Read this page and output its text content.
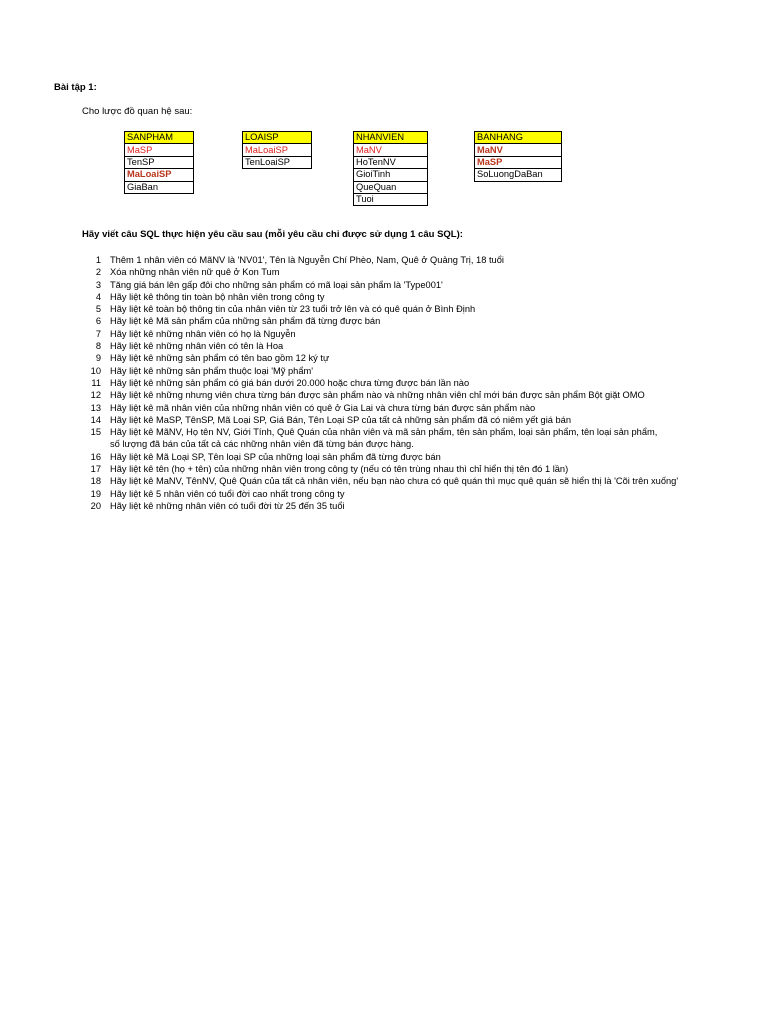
Bài tập 1:
Cho lược đồ quan hệ sau:
SANPHAM
MaSP
TenSP
MaLoaiSP
GiaBan
LOAISP
MaLoaiSP
TenLoaiSP
NHANVIEN
MaNV
HoTenNV
GioiTinh
QueQuan
Tuoi
BANHANG
MaNV
MaSP
SoLuongDaBan
Hãy viết câu SQL thực hiện yêu cầu sau (mỗi yêu cầu chỉ được sử dụng 1 câu SQL):
1 Thêm 1 nhân viên có MãNV là 'NV01', Tên là Nguyễn Chí Phèo, Nam, Quê ở Quảng Trị, 18 tuổi
2 Xóa những nhân viên nữ quê ở Kon Tum
3 Tăng giá bán lên gấp đôi cho những sản phẩm có mã loại sản phẩm là 'Type001'
4 Hãy liệt kê thông tin toàn bộ nhân viên trong công ty
5 Hãy liệt kê toàn bộ thông tin của nhân viên từ 23 tuổi trở lên và có quê quán ở Bình Định
6 Hãy liệt kê Mã sản phẩm của những sản phẩm đã từng được bán
7 Hãy liệt kê những nhân viên có họ là Nguyễn
8 Hãy liệt kê những nhân viên có tên là Hoa
9 Hãy liệt kê những sản phẩm có tên bao gồm 12 ký tự
10 Hãy liệt kê những sản phẩm thuộc loại 'Mỹ phẩm'
11 Hãy liệt kê những sản phẩm có giá bán dưới 20.000 hoặc chưa từng được bán lần nào
12 Hãy liệt kê những nhưng viên chưa từng bán được sản phẩm nào và những nhân viên chỉ mới bán được sản phẩm Bột giặt OMO
13 Hãy liệt kê mã nhân viên của những nhân viên có quê ở Gia Lai và chưa từng bán được sản phẩm nào
14 Hãy liệt kê MaSP, TênSP, Mã Loại SP, Giá Bán, Tên Loại SP của tất cả những sản phẩm đã có niêm yết giá bán
15 Hãy liệt kê MãNV, Họ tên NV, Giới Tính, Quê Quán của nhân viên và mã sản phẩm, tên sản phẩm, loại sản phẩm, tên loại sản phẩm,
số lượng đã bán của tất cả các những nhân viên đã từng bán được hàng.
16 Hãy liệt kê Mã Loại SP, Tên loại SP của những loại sản phẩm đã từng được bán
17 Hãy liệt kê tên (họ + tên) của những nhân viên trong công ty (nếu có tên trùng nhau thì chỉ hiển thị tên đó 1 lần)
18 Hãy liệt kê MaNV, TênNV, Quê Quán của tất cả nhân viên, nếu bạn nào chưa có quê quán thì mục quê quán sẽ hiển thị là 'Cõi trên xuống'
19 Hãy liệt kê 5 nhân viên có tuổi đời cao nhất trong công ty
20 Hãy liệt kê những nhân viên có tuổi đời từ 25 đến 35 tuổi
